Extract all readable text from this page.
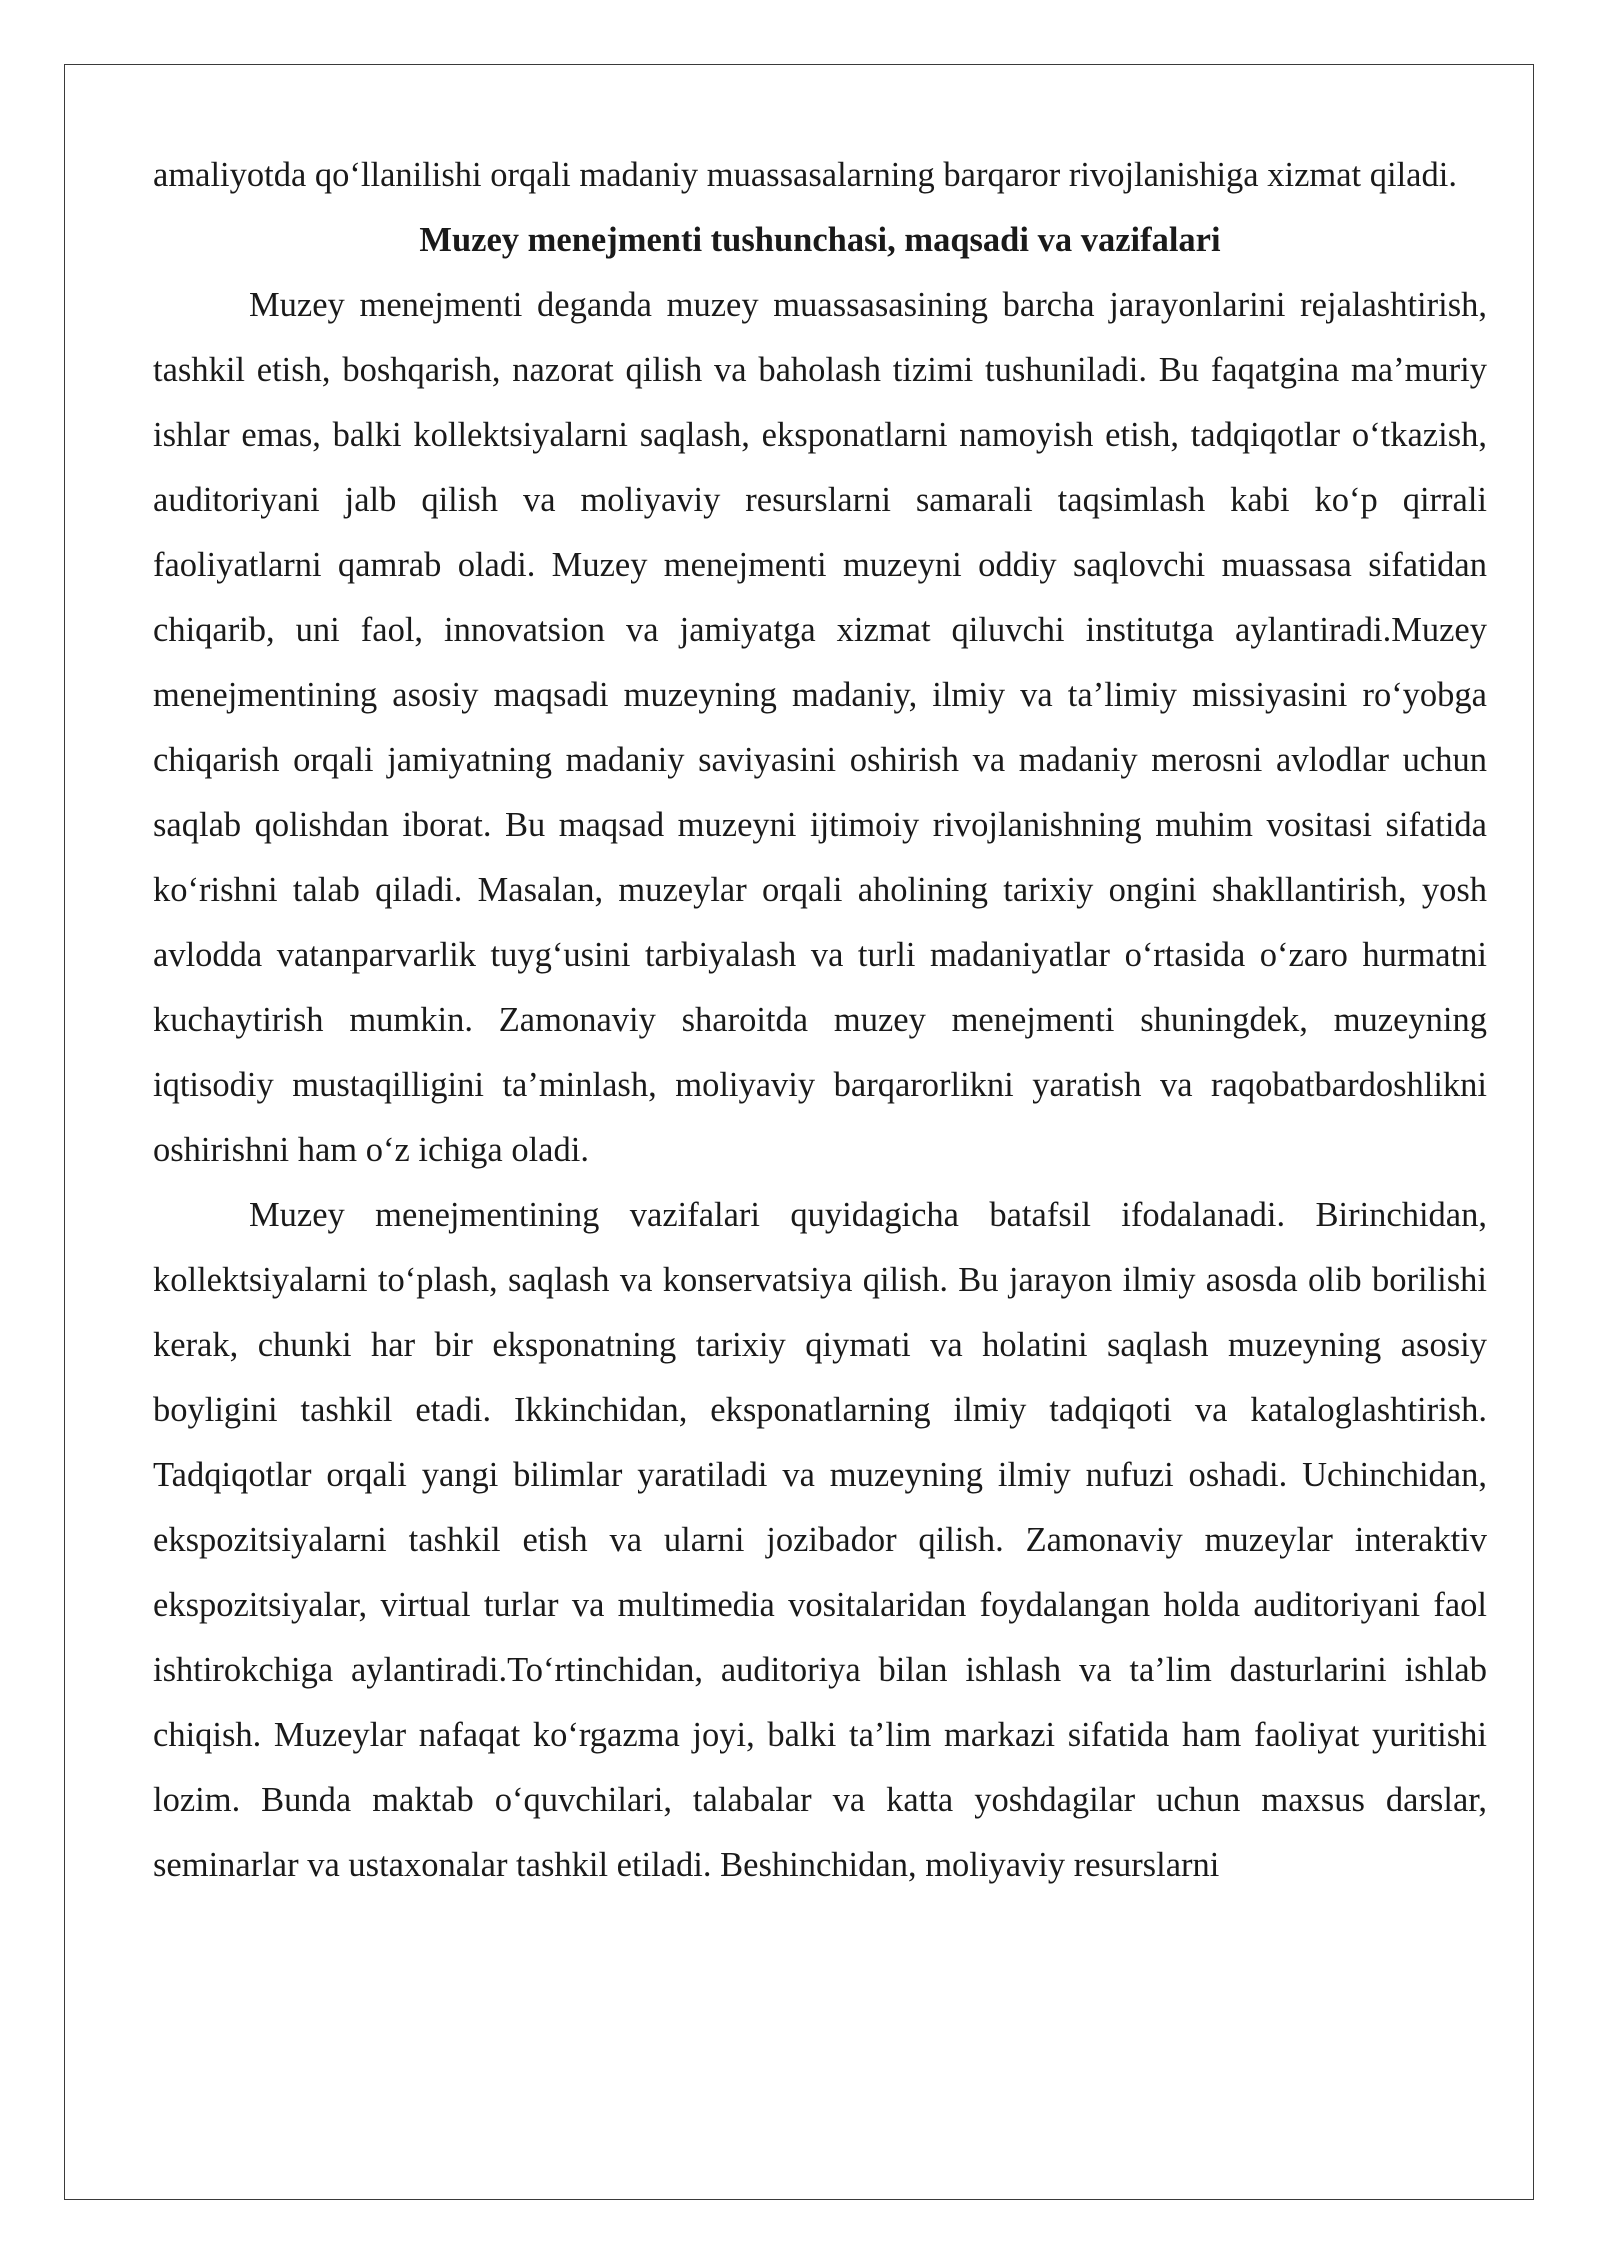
amaliyotda qo‘llanilishi orqali madaniy muassasalarning barqaror rivojlanishiga xizmat qiladi.

Muzey menejmenti tushunchasi, maqsadi va vazifalari

Muzey menejmenti deganda muzey muassasasining barcha jarayonlarini rejalashtirish, tashkil etish, boshqarish, nazorat qilish va baholash tizimi tushuniladi. Bu faqatgina ma’muriy ishlar emas, balki kollektsiyalarni saqlash, eksponatlarni namoyish etish, tadqiqotlar o‘tkazish, auditoriyani jalb qilish va moliyaviy resurslarni samarali taqsimlash kabi ko‘p qirrali faoliyatlarni qamrab oladi. Muzey menejmenti muzeyni oddiy saqlovchi muassasa sifatidan chiqarib, uni faol, innovatsion va jamiyatga xizmat qiluvchi institutga aylantiradi.Muzey menejmentining asosiy maqsadi muzeyning madaniy, ilmiy va ta’limiy missiyasini ro‘yobga chiqarish orqali jamiyatning madaniy saviyasini oshirish va madaniy merosni avlodlar uchun saqlab qolishdan iborat. Bu maqsad muzeyni ijtimoiy rivojlanishning muhim vositasi sifatida ko‘rishni talab qiladi. Masalan, muzeylar orqali aholining tarixiy ongini shakllantirish, yosh avlodda vatanparvarlik tuyg‘usini tarbiyalash va turli madaniyatlar o‘rtasida o‘zaro hurmatni kuchaytirish mumkin. Zamonaviy sharoitda muzey menejmenti shuningdek, muzeyning iqtisodiy mustaqilligini ta’minlash, moliyaviy barqarorlikni yaratish va raqobatbardoshlikni oshirishni ham o‘z ichiga oladi.

Muzey menejmentining vazifalari quyidagicha batafsil ifodalanadi. Birinchidan, kollektsiyalarni to‘plash, saqlash va konservatsiya qilish. Bu jarayon ilmiy asosda olib borilishi kerak, chunki har bir eksponatning tarixiy qiymati va holatini saqlash muzeyning asosiy boyligini tashkil etadi. Ikkinchidan, eksponatlarning ilmiy tadqiqoti va kataloglashtirish. Tadqiqotlar orqali yangi bilimlar yaratiladi va muzeyning ilmiy nufuzi oshadi. Uchinchidan, ekspozitsiyalarni tashkil etish va ularni jozibador qilish. Zamonaviy muzeylar interaktiv ekspozitsiyalar, virtual turlar va multimedia vositalaridan foydalangan holda auditoriyani faol ishtirokchiga aylantiradi.To‘rtinchidan, auditoriya bilan ishlash va ta’lim dasturlarini ishlab chiqish. Muzeylar nafaqat ko‘rgazma joyi, balki ta’lim markazi sifatida ham faoliyat yuritishi lozim. Bunda maktab o‘quvchilari, talabalar va katta yoshdagilar uchun maxsus darslar, seminarlar va ustaxonalar tashkil etiladi. Beshinchidan, moliyaviy resurslarni
